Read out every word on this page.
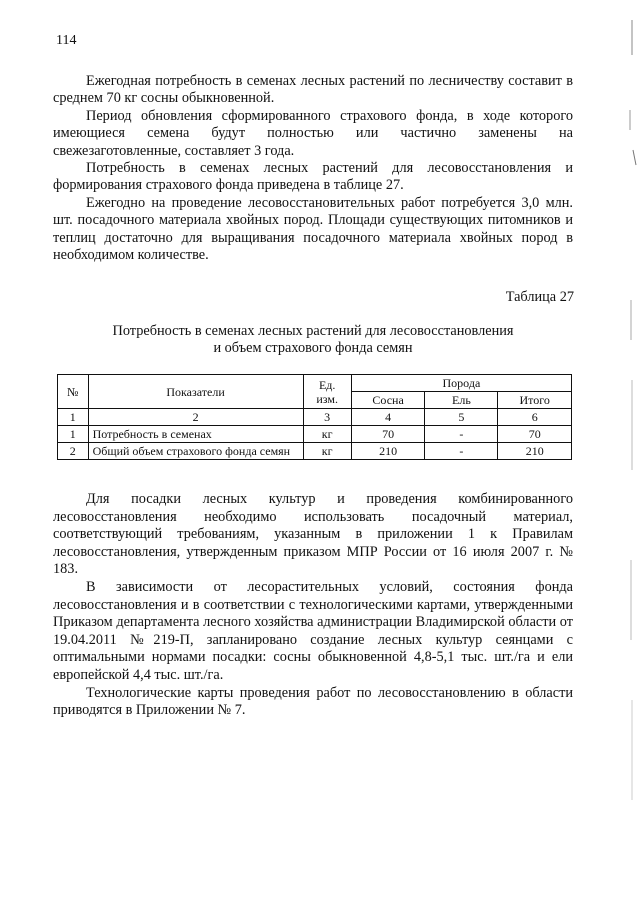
114

Ежегодная потребность в семенах лесных растений по лесничеству составит в среднем 70 кг сосны обыкновенной.

Период обновления сформированного страхового фонда, в ходе которого имеющиеся семена будут полностью или частично заменены на свежезаготовленные, составляет 3 года.

Потребность в семенах лесных растений для лесовосстановления и формирования страхового фонда приведена в таблице 27.

Ежегодно на проведение лесовосстановительных работ потребуется 3,0 млн. шт. посадочного материала хвойных пород. Площади существующих питомников и теплиц достаточно для выращивания посадочного материала хвойных пород в необходимом количестве.

Таблица 27
Потребность в семенах лесных растений для лесовосстановления
и объем страхового фонда семян
№	Показатели	Ед. изм.	Порода		
			Сосна	Ель	Итого
1	2	3	4	5	6
1	Потребность в семенах	кг	70	-	70
2	Общий объем страхового фонда семян	кг	210	-	210

Для посадки лесных культур и проведения комбинированного лесовосстановления необходимо использовать посадочный материал, соответствующий требованиям, указанным в приложении 1 к Правилам лесовосстановления, утвержденным приказом МПР России от 16 июля 2007 г. № 183.

В зависимости от лесорастительных условий, состояния фонда лесовосстановления и в соответствии с технологическими картами, утвержденными Приказом департамента лесного хозяйства администрации Владимирской области от 19.04.2011 №219-П, запланировано создание лесных культур сеянцами с оптимальными нормами посадки: сосны обыкновенной 4,8-5,1 тыс. шт./га и ели европейской 4,4 тыс. шт./га.

Технологические карты проведения работ по лесовосстановлению в области приводятся в Приложении № 7.
